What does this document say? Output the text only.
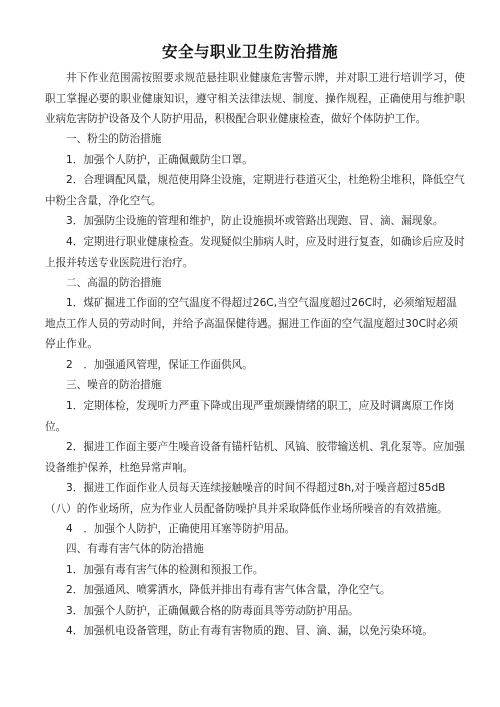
安全与职业卫生防治措施
井下作业范围需按照要求规范悬挂职业健康危害警示牌，并对职工进行培训学习，使职工掌握必要的职业健康知识，遵守相关法律法规、制度、操作规程，正确使用与维护职业病危害防护设备及个人防护用品，积极配合职业健康检查，做好个体防护工作。
一、粉尘的防治措施
1．加强个人防护，正确佩戴防尘口罩。
2．合理调配风量，规范使用降尘设施，定期进行巷道灭尘，杜绝粉尘堆积，降低空气中粉尘含量，净化空气。
3．加强防尘设施的管理和维护，防止设施损坏或管路出现跑、冒、滴、漏现象。
4．定期进行职业健康检查。发现疑似尘肺病人时，应及时进行复查，如确诊后应及时上报并转送专业医院进行治疗。
二、高温的防治措施
1．煤矿掘进工作面的空气温度不得超过26C,当空气温度超过26C时，必须缩短超温地点工作人员的劳动时间，并给予高温保健待遇。掘进工作面的空气温度超过30C时必须停止作业。
2　．加强通风管理，保证工作面供风。
三、噪音的防治措施
1．定期体检，发现听力严重下降或出现严重烦躁情绪的职工，应及时调离原工作岗位。
2．掘进工作面主要产生噪音设备有锚杆钻机、风镐、胶带输送机、乳化泵等。应加强设备维护保养，杜绝异常声响。
3．掘进工作面作业人员每天连续接触噪音的时间不得超过8h,对于噪音超过85dB（八）的作业场所，应为作业人员配备防噪护具并采取降低作业场所噪音的有效措施。
4　．加强个人防护，正确使用耳塞等防护用品。
四、有毒有害气体的防治措施
1．加强有毒有害气体的检测和预报工作。
2．加强通风、喷雾洒水，降低并排出有毒有害气体含量，净化空气。
3．加强个人防护，正确佩戴合格的防毒面具等劳动防护用品。
4．加强机电设备管理，防止有毒有害物质的跑、冒、滴、漏，以免污染环境。
